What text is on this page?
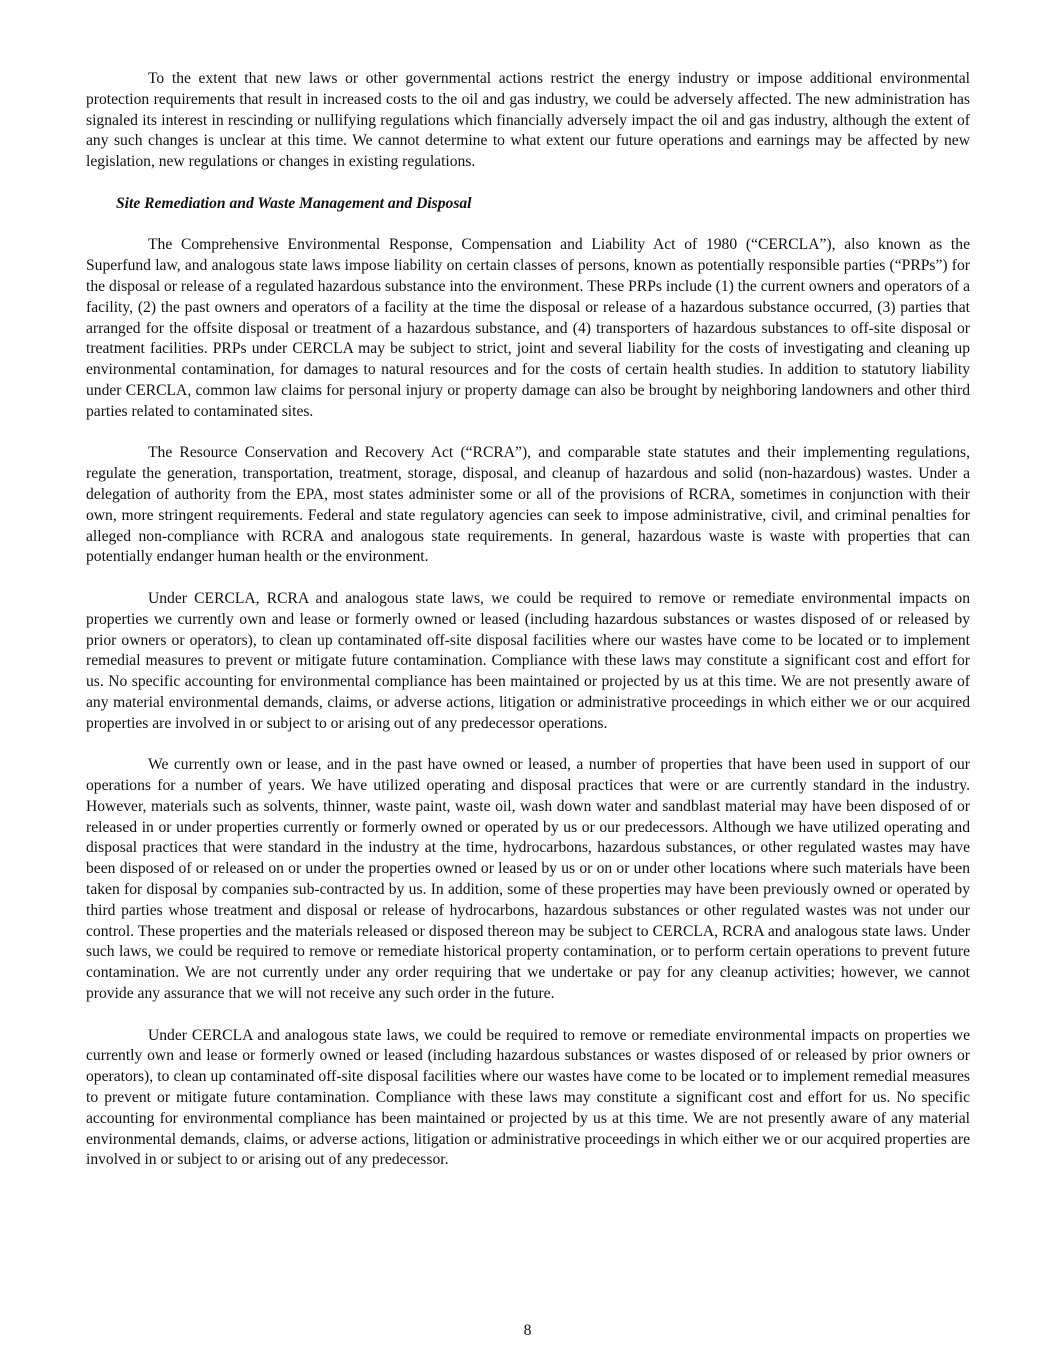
To the extent that new laws or other governmental actions restrict the energy industry or impose additional environmental protection requirements that result in increased costs to the oil and gas industry, we could be adversely affected. The new administration has signaled its interest in rescinding or nullifying regulations which financially adversely impact the oil and gas industry, although the extent of any such changes is unclear at this time. We cannot determine to what extent our future operations and earnings may be affected by new legislation, new regulations or changes in existing regulations.

Site Remediation and Waste Management and Disposal

The Comprehensive Environmental Response, Compensation and Liability Act of 1980 (“CERCLA”), also known as the Superfund law, and analogous state laws impose liability on certain classes of persons, known as potentially responsible parties (“PRPs”) for the disposal or release of a regulated hazardous substance into the environment. These PRPs include (1) the current owners and operators of a facility, (2) the past owners and operators of a facility at the time the disposal or release of a hazardous substance occurred, (3) parties that arranged for the offsite disposal or treatment of a hazardous substance, and (4) transporters of hazardous substances to off-site disposal or treatment facilities. PRPs under CERCLA may be subject to strict, joint and several liability for the costs of investigating and cleaning up environmental contamination, for damages to natural resources and for the costs of certain health studies. In addition to statutory liability under CERCLA, common law claims for personal injury or property damage can also be brought by neighboring landowners and other third parties related to contaminated sites.

The Resource Conservation and Recovery Act (“RCRA”), and comparable state statutes and their implementing regulations, regulate the generation, transportation, treatment, storage, disposal, and cleanup of hazardous and solid (non-hazardous) wastes. Under a delegation of authority from the EPA, most states administer some or all of the provisions of RCRA, sometimes in conjunction with their own, more stringent requirements. Federal and state regulatory agencies can seek to impose administrative, civil, and criminal penalties for alleged non-compliance with RCRA and analogous state requirements. In general, hazardous waste is waste with properties that can potentially endanger human health or the environment.

Under CERCLA, RCRA and analogous state laws, we could be required to remove or remediate environmental impacts on properties we currently own and lease or formerly owned or leased (including hazardous substances or wastes disposed of or released by prior owners or operators), to clean up contaminated off-site disposal facilities where our wastes have come to be located or to implement remedial measures to prevent or mitigate future contamination. Compliance with these laws may constitute a significant cost and effort for us. No specific accounting for environmental compliance has been maintained or projected by us at this time. We are not presently aware of any material environmental demands, claims, or adverse actions, litigation or administrative proceedings in which either we or our acquired properties are involved in or subject to or arising out of any predecessor operations.

We currently own or lease, and in the past have owned or leased, a number of properties that have been used in support of our operations for a number of years. We have utilized operating and disposal practices that were or are currently standard in the industry. However, materials such as solvents, thinner, waste paint, waste oil, wash down water and sandblast material may have been disposed of or released in or under properties currently or formerly owned or operated by us or our predecessors. Although we have utilized operating and disposal practices that were standard in the industry at the time, hydrocarbons, hazardous substances, or other regulated wastes may have been disposed of or released on or under the properties owned or leased by us or on or under other locations where such materials have been taken for disposal by companies sub-contracted by us. In addition, some of these properties may have been previously owned or operated by third parties whose treatment and disposal or release of hydrocarbons, hazardous substances or other regulated wastes was not under our control. These properties and the materials released or disposed thereon may be subject to CERCLA, RCRA and analogous state laws. Under such laws, we could be required to remove or remediate historical property contamination, or to perform certain operations to prevent future contamination. We are not currently under any order requiring that we undertake or pay for any cleanup activities; however, we cannot provide any assurance that we will not receive any such order in the future.

Under CERCLA and analogous state laws, we could be required to remove or remediate environmental impacts on properties we currently own and lease or formerly owned or leased (including hazardous substances or wastes disposed of or released by prior owners or operators), to clean up contaminated off-site disposal facilities where our wastes have come to be located or to implement remedial measures to prevent or mitigate future contamination. Compliance with these laws may constitute a significant cost and effort for us. No specific accounting for environmental compliance has been maintained or projected by us at this time. We are not presently aware of any material environmental demands, claims, or adverse actions, litigation or administrative proceedings in which either we or our acquired properties are involved in or subject to or arising out of any predecessor.

8
